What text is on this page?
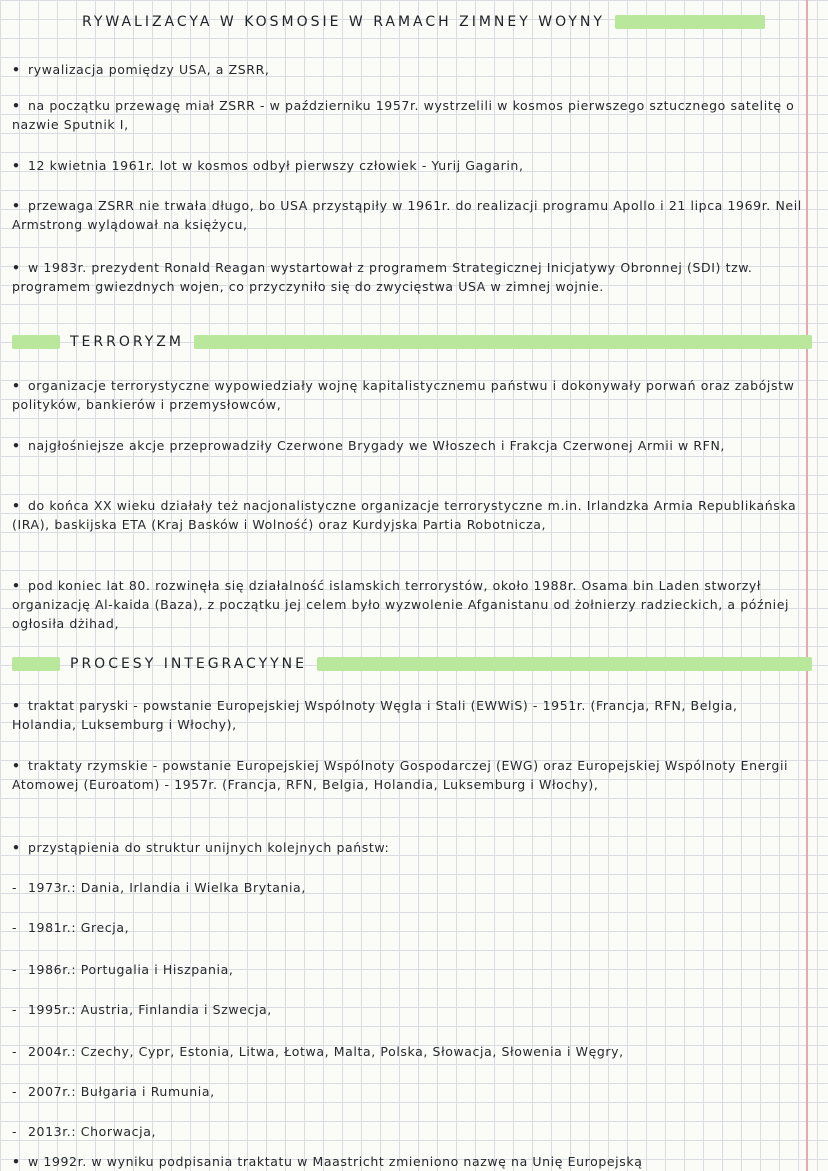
RYWALIZACYA W KOSMOSIE W RAMACH ZIMNEY WOYNY
• rywalizacja pomiędzy USA, a ZSRR,
• na początku przewagę miał ZSRR - w październiku 1957r. wystrzelili w kosmos pierwszego sztucznego satelitę o nazwie Sputnik I,
• 12 kwietnia 1961r. lot w kosmos odbył pierwszy człowiek - Yurij Gagarin,
• przewaga ZSRR nie trwała długo, bo USA przystąpiły w 1961r. do realizacji programu Apollo i 21 lipca 1969r. Neil Armstrong wylądował na księżycu,
• w 1983r. prezydent Ronald Reagan wystartował z programem Strategicznej Inicjatywy Obronnej (SDI) tzw. programem gwiezdnych wojen, co przyczyniło się do zwycięstwa USA w zimnej wojnie.
TERRORYZM
• organizacje terrorystyczne wypowiedziały wojnę kapitalistycznemu państwu i dokonywały porwań oraz zabójstw polityków, bankierów i przemysłowców,
• najgłośniejsze akcje przeprowadziły Czerwone Brygady we Włoszech i Frakcja Czerwonej Armii w RFN,
• do końca XX wieku działały też nacjonalistyczne organizacje terrorystyczne m.in. Irlandzka Armia Republikańska (IRA), baskijska ETA (Kraj Basków i Wolność) oraz Kurdyjska Partia Robotnicza,
• pod koniec lat 80. rozwinęła się działalność islamskich terrorystów, około 1988r. Osama bin Laden stworzył organizację Al-kaida (Baza), z początku jej celem było wyzwolenie Afganistanu od żołnierzy radzieckich, a później ogłosiła dżihad,
PROCESY INTEGRACYYNE
• traktat paryski - powstanie Europejskiej Wspólnoty Węgla i Stali (EWWiS) - 1951r. (Francja, RFN, Belgia, Holandia, Luksemburg i Włochy),
• traktaty rzymskie - powstanie Europejskiej Wspólnoty Gospodarczej (EWG) oraz Europejskiej Wspólnoty Energii Atomowej (Euroatom) - 1957r. (Francja, RFN, Belgia, Holandia, Luksemburg i Włochy),
• przystąpienia do struktur unijnych kolejnych państw:
- 1973r.: Dania, Irlandia i Wielka Brytania,
- 1981r.: Grecja,
- 1986r.: Portugalia i Hiszpania,
- 1995r.: Austria, Finlandia i Szwecja,
- 2004r.: Czechy, Cypr, Estonia, Litwa, Łotwa, Malta, Polska, Słowacja, Słowenia i Węgry,
- 2007r.: Bułgaria i Rumunia,
- 2013r.: Chorwacja,
• w 1992r. w wyniku podpisania traktatu w Maastricht zmieniono nazwę na Unię Europejską
